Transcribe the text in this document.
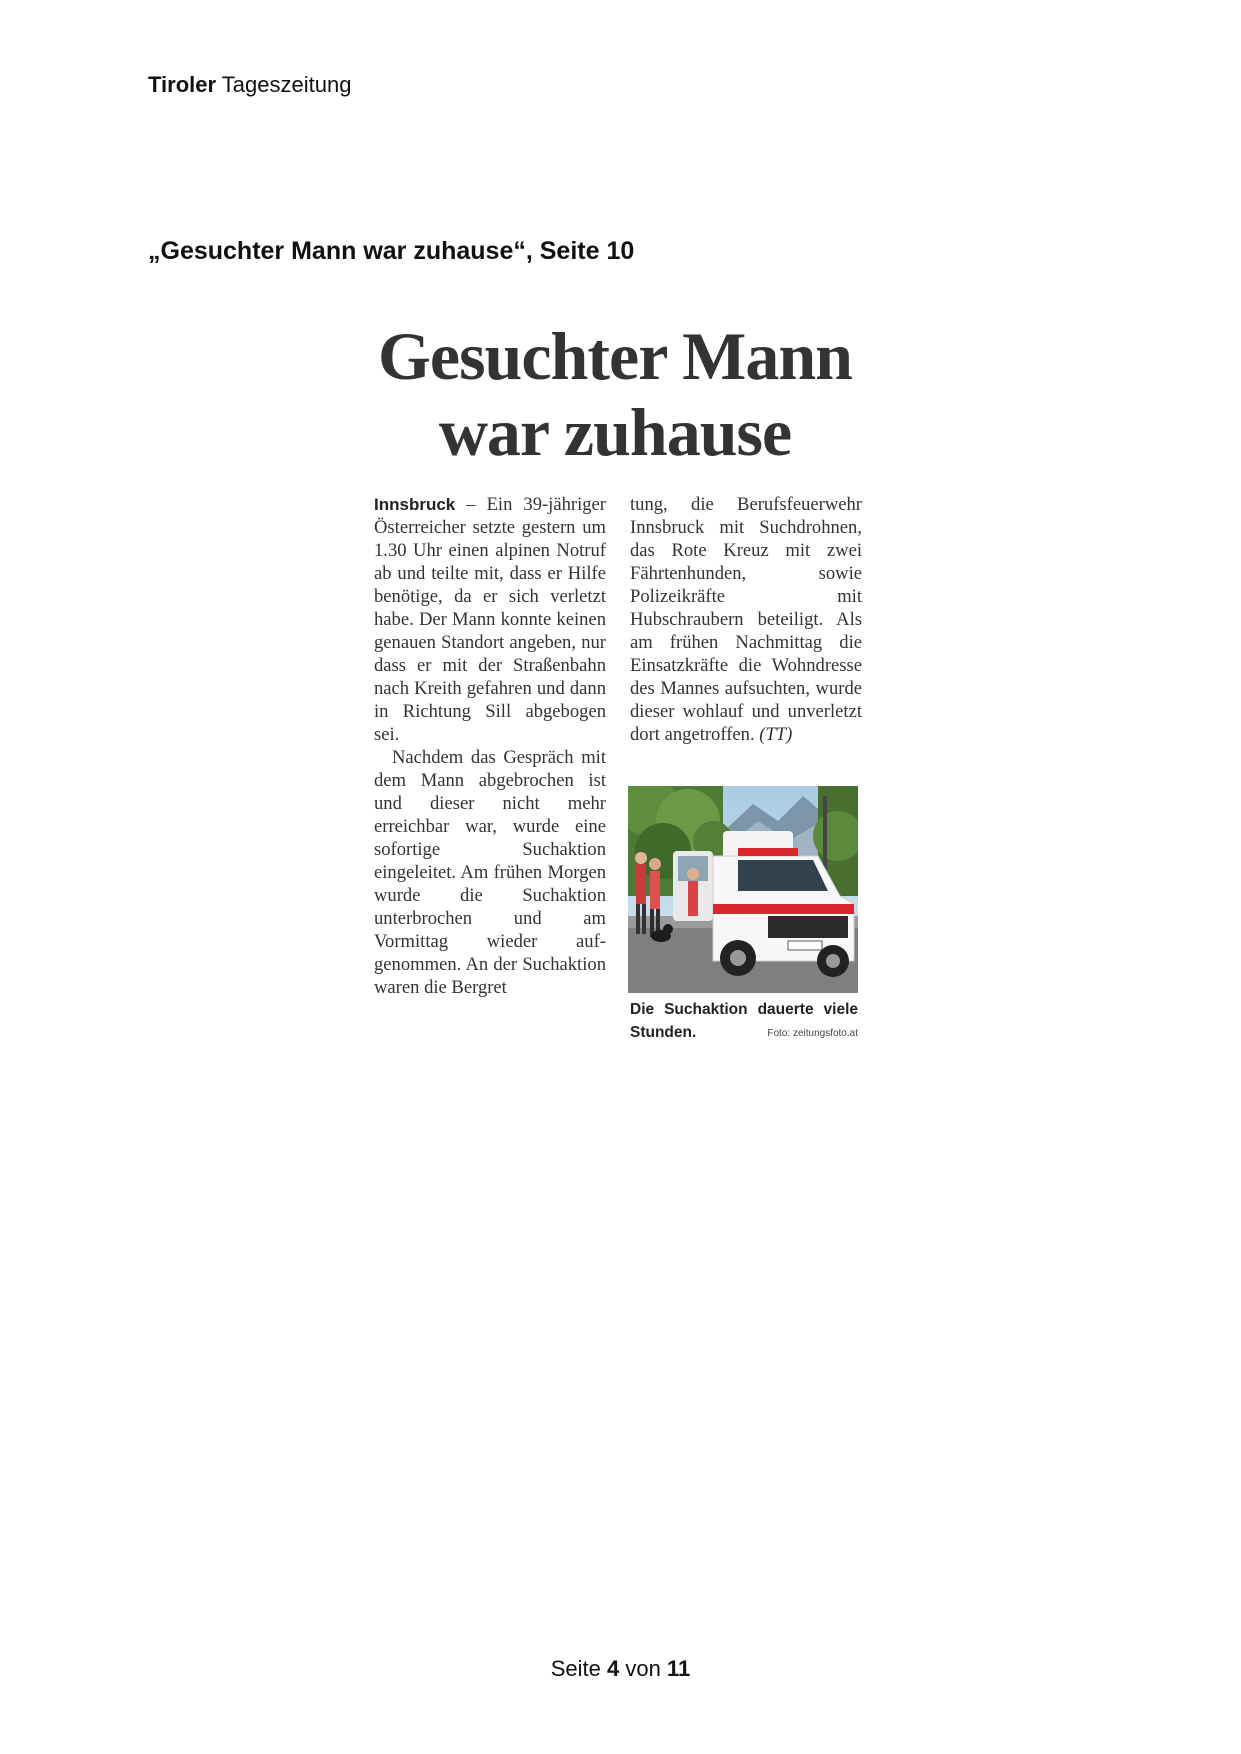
Tiroler Tageszeitung
„Gesuchter Mann war zuhause“, Seite 10
Gesuchter Mann
war zuhause

Innsbruck – Ein 39-jähriger Österreicher setzte gestern um 1.30 Uhr einen alpinen Notruf ab und teilte mit, dass er Hilfe benötige, da er sich verletzt habe. Der Mann konnte keinen genauen Standort angeben, nur dass er mit der Straßenbahn nach Kreith gefahren und dann in Richtung Sill abgebogen sei.

Nachdem das Gespräch mit dem Mann abgebrochen ist und dieser nicht mehr erreichbar war, wurde eine sofortige Suchaktion eingeleitet. Am frühen Morgen wurde die Suchaktion unterbrochen und am Vormittag wieder aufgenommen. An der Suchaktion waren die Bergret

tung, die Berufsfeuerwehr Innsbruck mit Suchdrohnen, das Rote Kreuz mit zwei Fährtenhunden, sowie Polizeikräfte mit Hubschraubern beteiligt. Als am frühen Nachmittag die Einsatzkräfte die Wohndresse des Mannes aufsuchten, wurde dieser wohlauf und unverletzt dort angetroffen. (TT)

Die Suchaktion dauerte viele Stunden.	Foto: zeitungsfoto.at
Seite 4 von 11
